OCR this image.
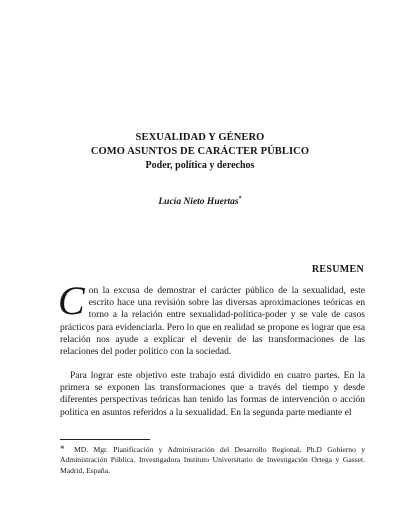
SEXUALIDAD Y GÉNERO
COMO ASUNTOS DE CARÁCTER PÚBLICO
Poder, política y derechos
Lucía Nieto Huertas*
RESUMEN
C on la excusa de demostrar el carácter público de la sexualidad, este escrito hace una revisión sobre las diversas aproximaciones teóricas en torno a la relación entre sexualidad-política-poder y se vale de casos prácticos para evidenciarla. Pero lo que en realidad se propone es lograr que esa relación nos ayude a explicar el devenir de las transformaciones de las relaciones del poder político con la sociedad.
Para lograr este objetivo este trabajo está dividido en cuatro partes. En la primera se exponen las transformaciones que a través del tiempo y desde diferentes perspectivas teóricas han tenido las formas de intervención o acción política en asuntos referidos a la sexualidad. En la segunda parte mediante el
* MD. Mgr. Planificación y Administración del Desarrollo Regional, Ph.D Gobierno y Administración Pública. Investigadora Instituto Universitario de Investigación Ortega y Gasset. Madrid, España.
